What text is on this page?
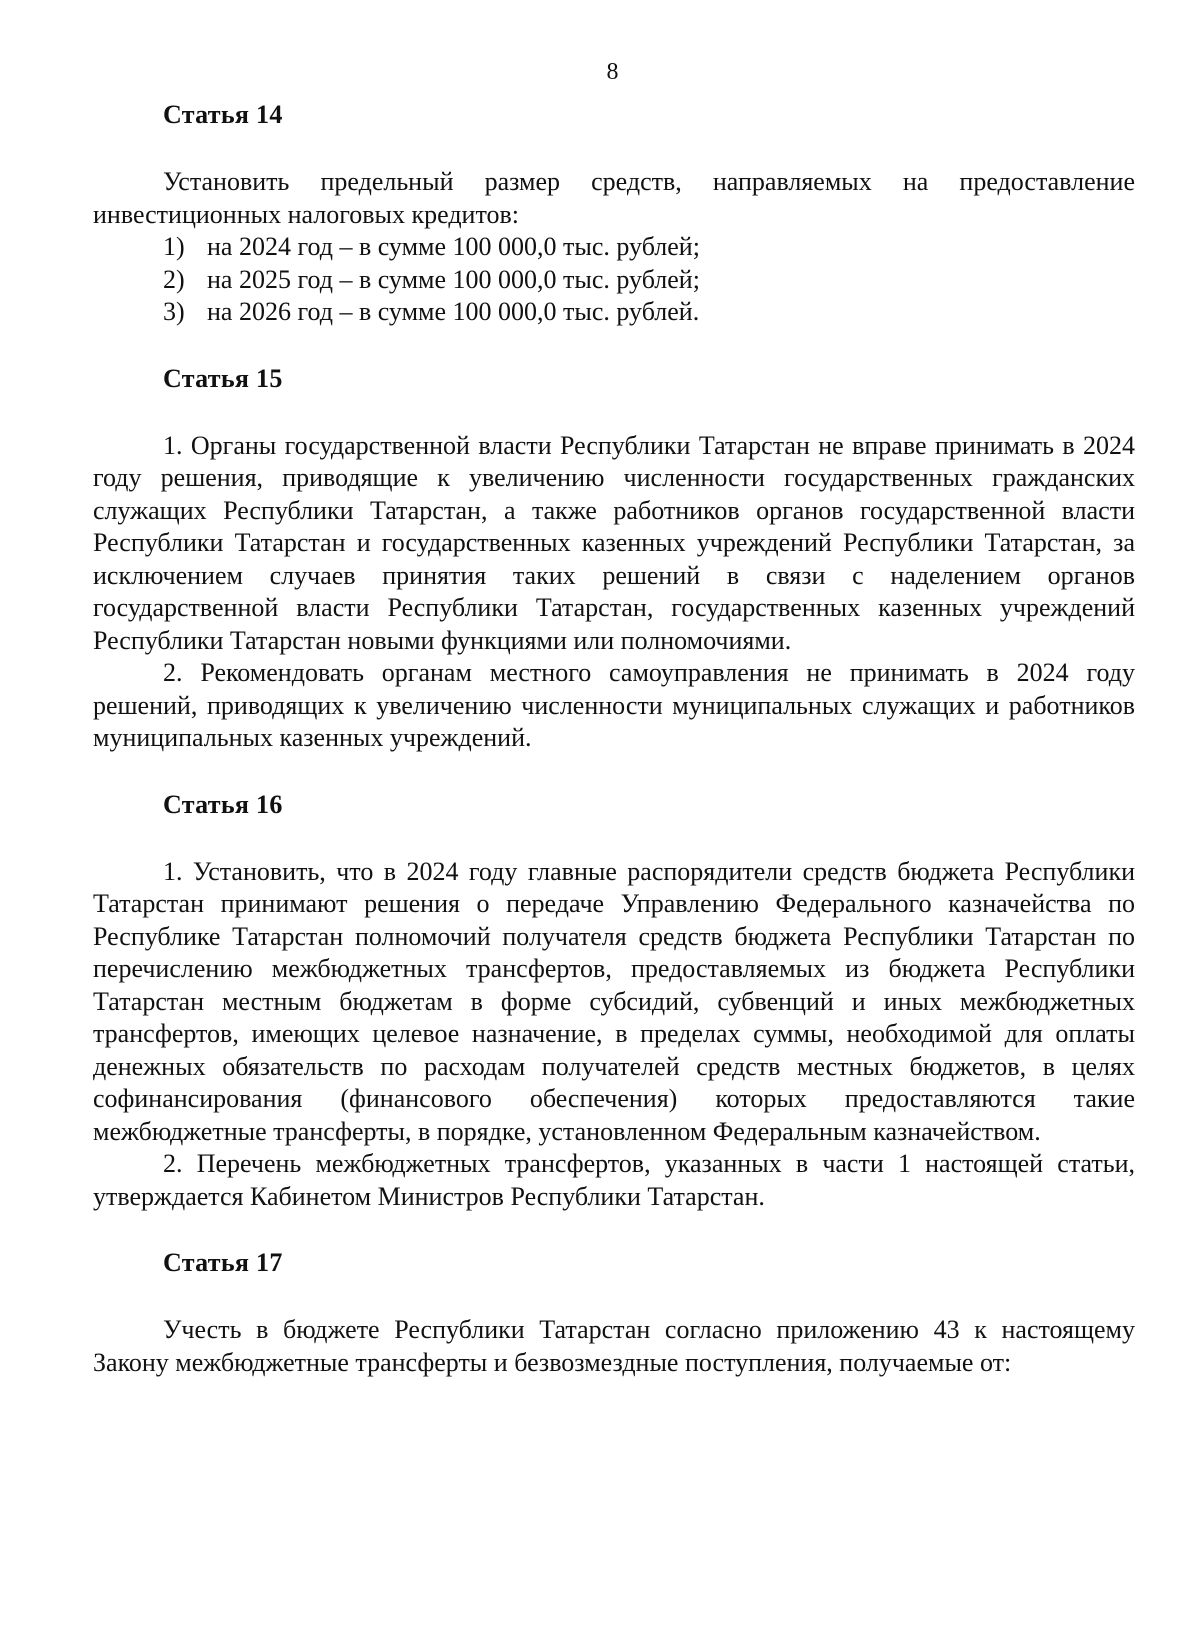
8
Статья 14

Установить предельный размер средств, направляемых на предоставление инвестиционных налоговых кредитов:

1) на 2024 год – в сумме 100 000,0 тыс. рублей;
2) на 2025 год – в сумме 100 000,0 тыс. рублей;
3) на 2026 год – в сумме 100 000,0 тыс. рублей.
Статья 15

1. Органы государственной власти Республики Татарстан не вправе принимать в 2024 году решения, приводящие к увеличению численности государственных гражданских служащих Республики Татарстан, а также работников органов государственной власти Республики Татарстан и государственных казенных учреждений Республики Татарстан, за исключением случаев принятия таких решений в связи с наделением органов государственной власти Республики Татарстан, государственных казенных учреждений Республики Татарстан новыми функциями или полномочиями.

2. Рекомендовать органам местного самоуправления не принимать в 2024 году решений, приводящих к увеличению численности муниципальных служащих и работников муниципальных казенных учреждений.

Статья 16

1. Установить, что в 2024 году главные распорядители средств бюджета Республики Татарстан принимают решения о передаче Управлению Федерального казначейства по Республике Татарстан полномочий получателя средств бюджета Республики Татарстан по перечислению межбюджетных трансфертов, предоставляемых из бюджета Республики Татарстан местным бюджетам в форме субсидий, субвенций и иных межбюджетных трансфертов, имеющих целевое назначение, в пределах суммы, необходимой для оплаты денежных обязательств по расходам получателей средств местных бюджетов, в целях софинансирования (финансового обеспечения) которых предоставляются такие межбюджетные трансферты, в порядке, установленном Федеральным казначейством.

2. Перечень межбюджетных трансфертов, указанных в части 1 настоящей статьи, утверждается Кабинетом Министров Республики Татарстан.

Статья 17

Учесть в бюджете Республики Татарстан согласно приложению 43 к настоящему Закону межбюджетные трансферты и безвозмездные поступления, получаемые от:
